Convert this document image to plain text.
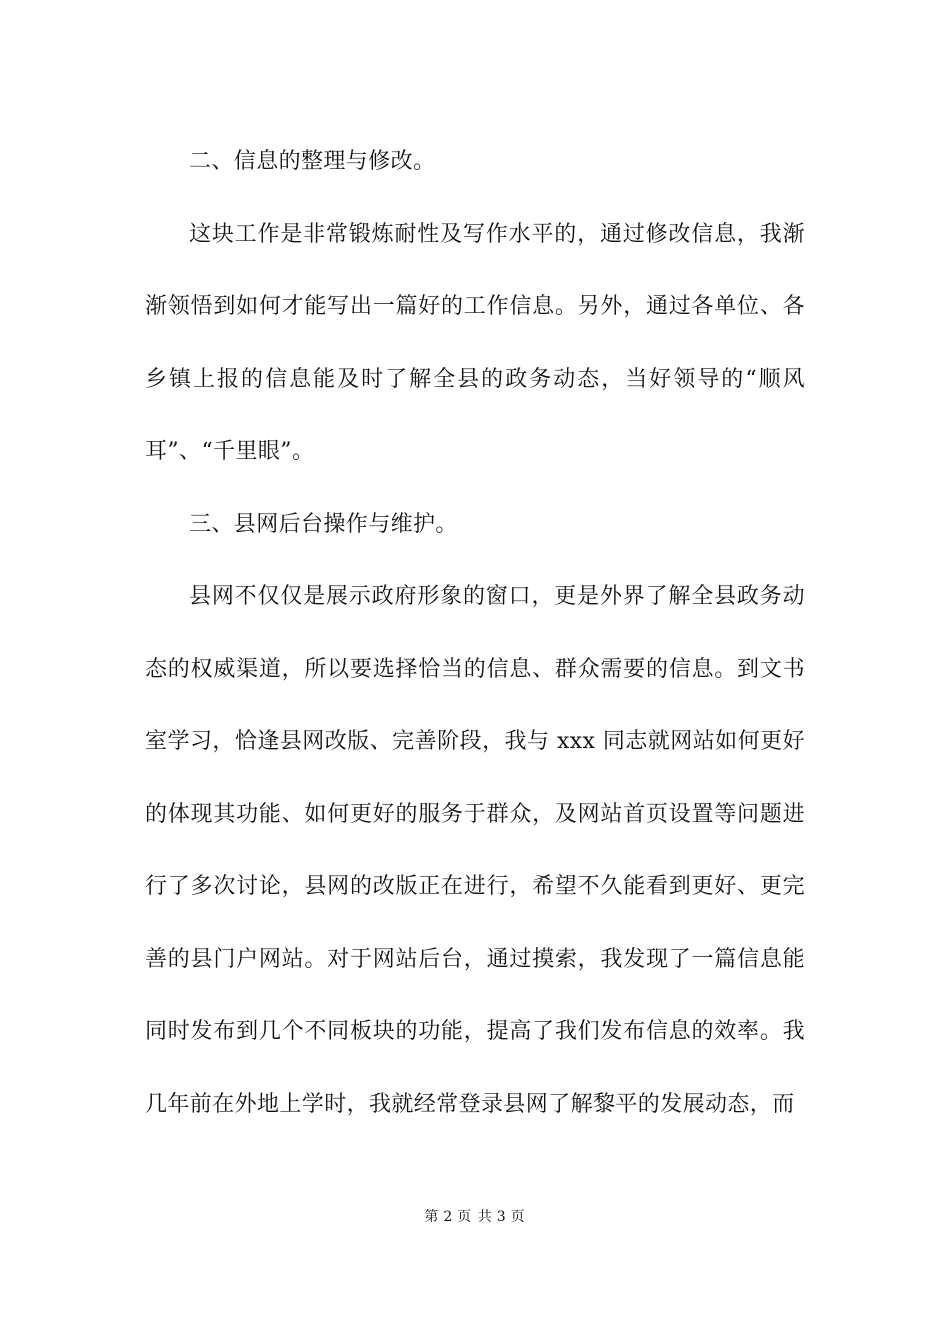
二、信息的整理与修改。

这块工作是非常锻炼耐性及写作水平的，通过修改信息，我渐渐领悟到如何才能写出一篇好的工作信息。另外，通过各单位、各乡镇上报的信息能及时了解全县的政务动态，当好领导的“顺风耳”、“千里眼”。

三、县网后台操作与维护。

县网不仅仅是展示政府形象的窗口，更是外界了解全县政务动态的权威渠道，所以要选择恰当的信息、群众需要的信息。到文书室学习，恰逢县网改版、完善阶段，我与 xxx 同志就网站如何更好的体现其功能、如何更好的服务于群众，及网站首页设置等问题进行了多次讨论，县网的改版正在进行，希望不久能看到更好、更完善的县门户网站。对于网站后台，通过摸索，我发现了一篇信息能同时发布到几个不同板块的功能，提高了我们发布信息的效率。我几年前在外地上学时，我就经常登录县网了解黎平的发展动态，而

第 2 页 共 3 页
